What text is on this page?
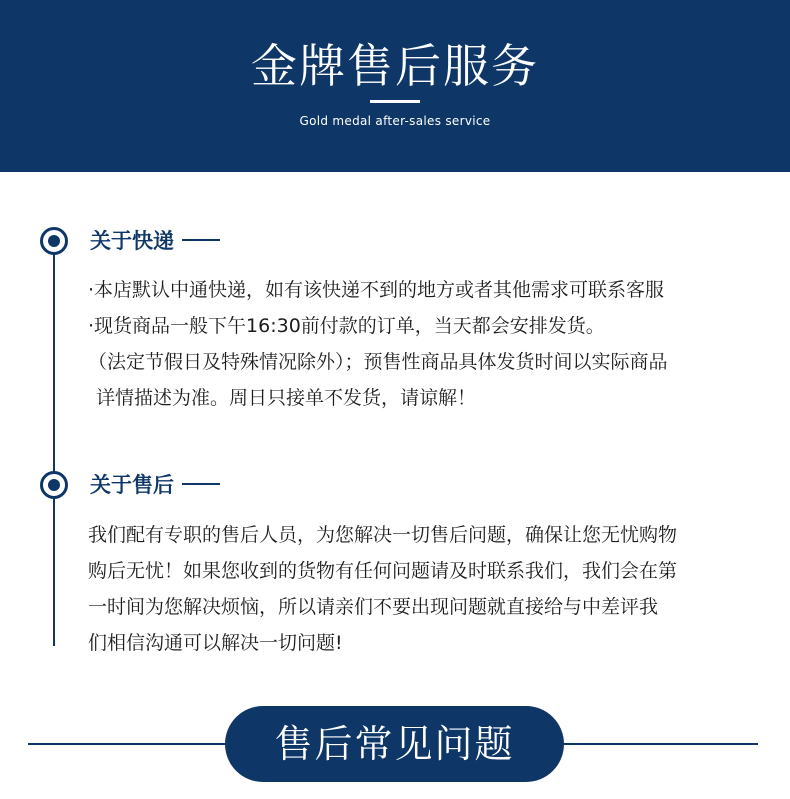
金牌售后服务
Gold medal after-sales service
关于快递
·本店默认中通快递，如有该快递不到的地方或者其他需求可联系客服
·现货商品一般下午16:30前付款的订单，当天都会安排发货。
（法定节假日及特殊情况除外）；预售性商品具体发货时间以实际商品
详情描述为准。周日只接单不发货，请谅解！
关于售后
我们配有专职的售后人员，为您解决一切售后问题，确保让您无忧购物
购后无忧！如果您收到的货物有任何问题请及时联系我们，我们会在第
一时间为您解决烦恼，所以请亲们不要出现问题就直接给与中差评我
们相信沟通可以解决一切问题!
售后常见问题
